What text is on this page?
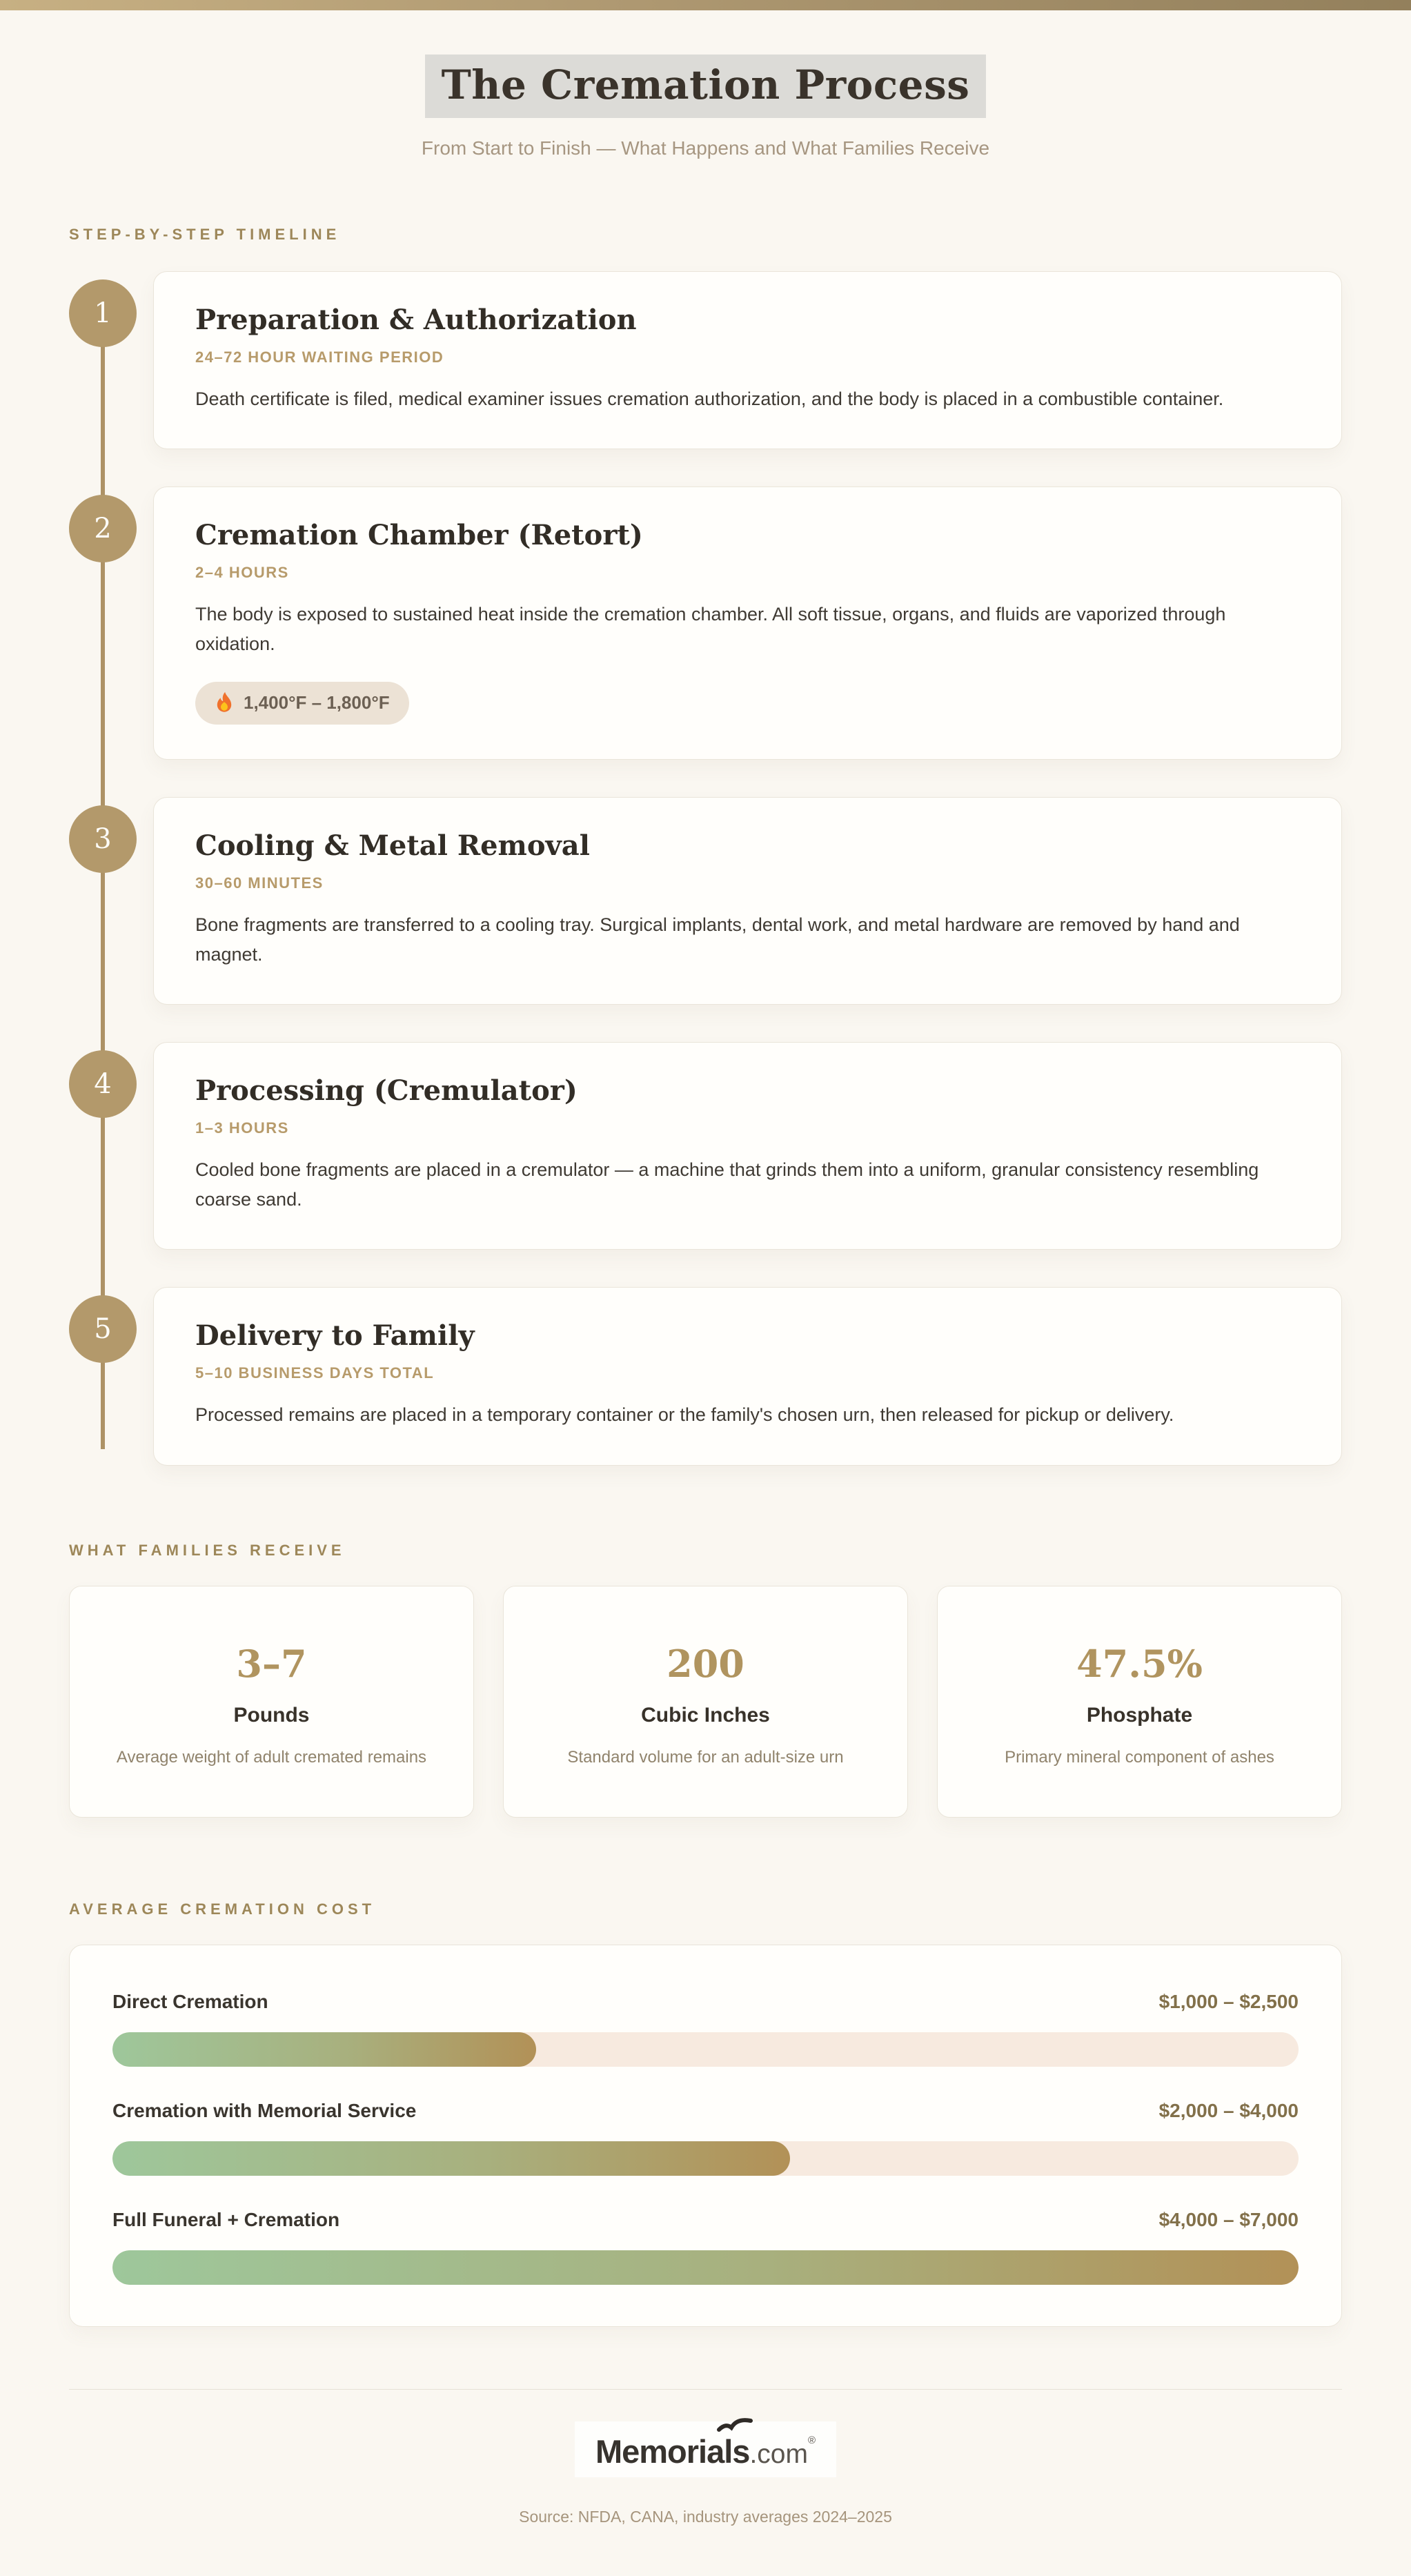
The Cremation Process
From Start to Finish — What Happens and What Families Receive
STEP-BY-STEP TIMELINE
1	Preparation & Authorization
24–72 HOUR WAITING PERIOD
Death certificate is filed, medical examiner issues cremation authorization, and the body is placed in a combustible container.
2	Cremation Chamber (Retort)
2–4 HOURS
The body is exposed to sustained heat inside the cremation chamber. All soft tissue, organs, and fluids are vaporized through oxidation.
1,400°F – 1,800°F
3	Cooling & Metal Removal
30–60 MINUTES
Bone fragments are transferred to a cooling tray. Surgical implants, dental work, and metal hardware are removed by hand and magnet.
4	Processing (Cremulator)
1–3 HOURS
Cooled bone fragments are placed in a cremulator — a machine that grinds them into a uniform, granular consistency resembling coarse sand.
5	Delivery to Family
5–10 BUSINESS DAYS TOTAL
Processed remains are placed in a temporary container or the family's chosen urn, then released for pickup or delivery.
WHAT FAMILIES RECEIVE
3–7
Pounds
Average weight of adult cremated remains
200
Cubic Inches
Standard volume for an adult-size urn
47.5%
Phosphate
Primary mineral component of ashes
AVERAGE CREMATION COST
Direct Cremation	$1,000 – $2,500
Cremation with Memorial Service	$2,000 – $4,000
Full Funeral + Cremation	$4,000 – $7,000
Memorials.com®
Source: NFDA, CANA, industry averages 2024–2025
